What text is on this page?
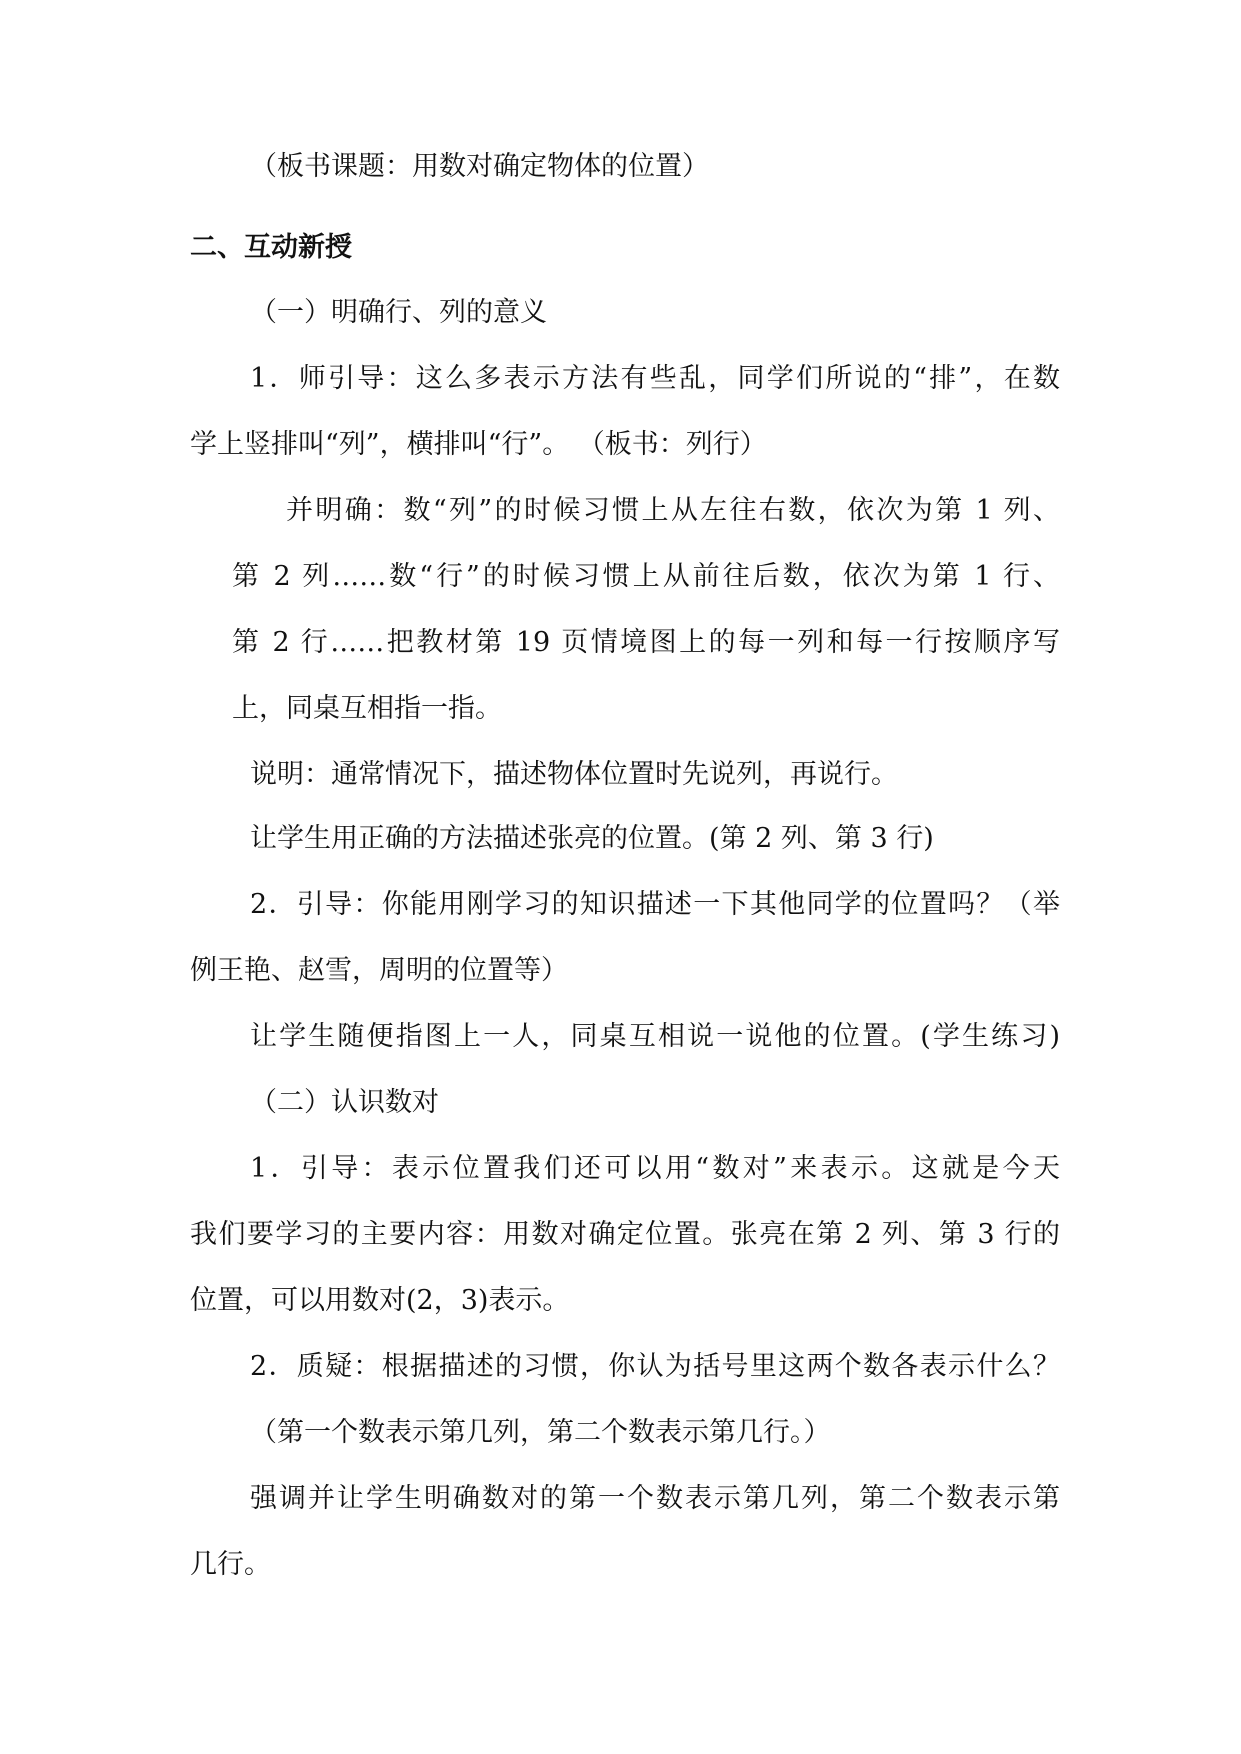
（板书课题：用数对确定物体的位置）
二、互动新授
（一）明确行、列的意义
1．师引导：这么多表示方法有些乱，同学们所说的“排”，在数
学上竖排叫“列”，横排叫“行”。 （板书：列行）
并明确：数“列”的时候习惯上从左往右数，依次为第 1 列、
第 2 列……数“行”的时候习惯上从前往后数，依次为第 1 行、
第 2 行……把教材第 19 页情境图上的每一列和每一行按顺序写
上，同桌互相指一指。
说明：通常情况下，描述物体位置时先说列，再说行。
让学生用正确的方法描述张亮的位置。(第 2 列、第 3 行)
2．引导：你能用刚学习的知识描述一下其他同学的位置吗？（举
例王艳、赵雪，周明的位置等）
让学生随便指图上一人，同桌互相说一说他的位置。(学生练习)
（二）认识数对
1．引导：表示位置我们还可以用“数对”来表示。这就是今天
我们要学习的主要内容：用数对确定位置。张亮在第 2 列、第 3 行的
位置，可以用数对(2，3)表示。
2．质疑：根据描述的习惯，你认为括号里这两个数各表示什么？
（第一个数表示第几列，第二个数表示第几行。）
强调并让学生明确数对的第一个数表示第几列，第二个数表示第
几行。
